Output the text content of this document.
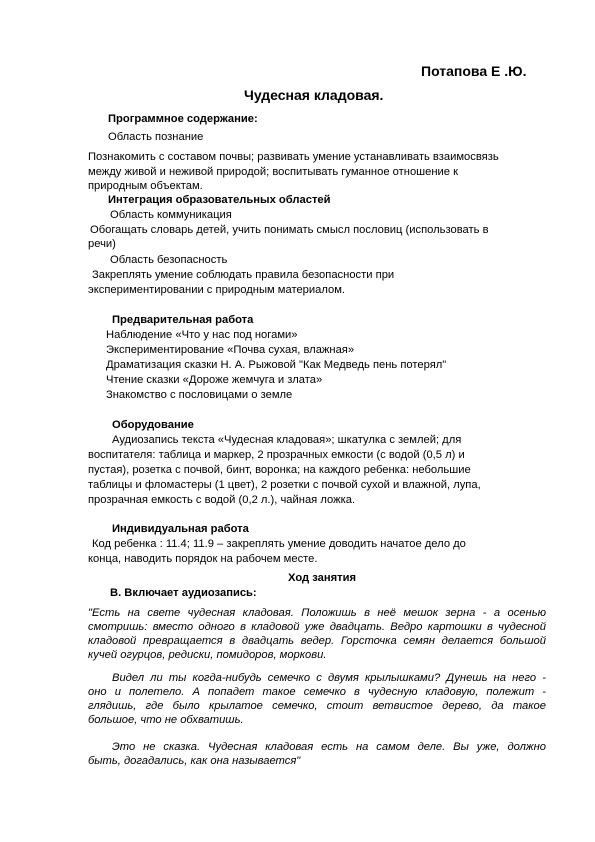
Потапова Е .Ю.
Чудесная кладовая.
Программное содержание:
Область познание
Познакомить с составом почвы; развивать умение устанавливать взаимосвязь
между живой и неживой природой; воспитывать гуманное отношение к
природным объектам.
Интеграция образовательных областей
Область коммуникация
Обогащать словарь детей, учить понимать смысл пословиц (использовать в
речи)
Область безопасность
Закреплять умение соблюдать правила безопасности при
экспериментировании с природным материалом.
Предварительная работа
Наблюдение «Что у нас под ногами»
Экспериментирование «Почва сухая, влажная»
Драматизация сказки Н. А. Рыжовой "Как Медведь пень потерял"
Чтение сказки «Дороже жемчуга и злата»
Знакомство с пословицами о земле
Оборудование
Аудиозапись текста «Чудесная кладовая»; шкатулка с землей; для
воспитателя: таблица и маркер, 2 прозрачных емкости (с водой (0,5 л) и
пустая), розетка с почвой, бинт, воронка; на каждого ребенка: небольшие
таблицы и фломастеры (1 цвет), 2 розетки с почвой сухой и влажной, лупа,
прозрачная емкость с водой (0,2 л.), чайная ложка.
Индивидуальная работа
Код ребенка : 11.4; 11.9 – закреплять умение доводить начатое дело до
конца, наводить порядок на рабочем месте.
Ход занятия
В. Включает аудиозапись:
"Есть на свете чудесная кладовая. Положишь в неё мешок зерна - а осенью
смотришь: вместо одного в кладовой уже двадцать. Ведро картошки в чудесной
кладовой превращается в двадцать ведер. Горсточка семян делается большой
кучей огурцов, редиски, помидоров, моркови.
Видел ли ты когда-нибудь семечко с двумя крылышками? Дунешь на него -
оно и полетело. А попадет такое семечко в чудесную кладовую, полежит -
глядишь, где было крылатое семечко, стоит ветвистое дерево, да такое
большое, что не обхватишь.
Это не сказка. Чудесная кладовая есть на самом деле. Вы уже, должно
быть, догадались, как она называется"
